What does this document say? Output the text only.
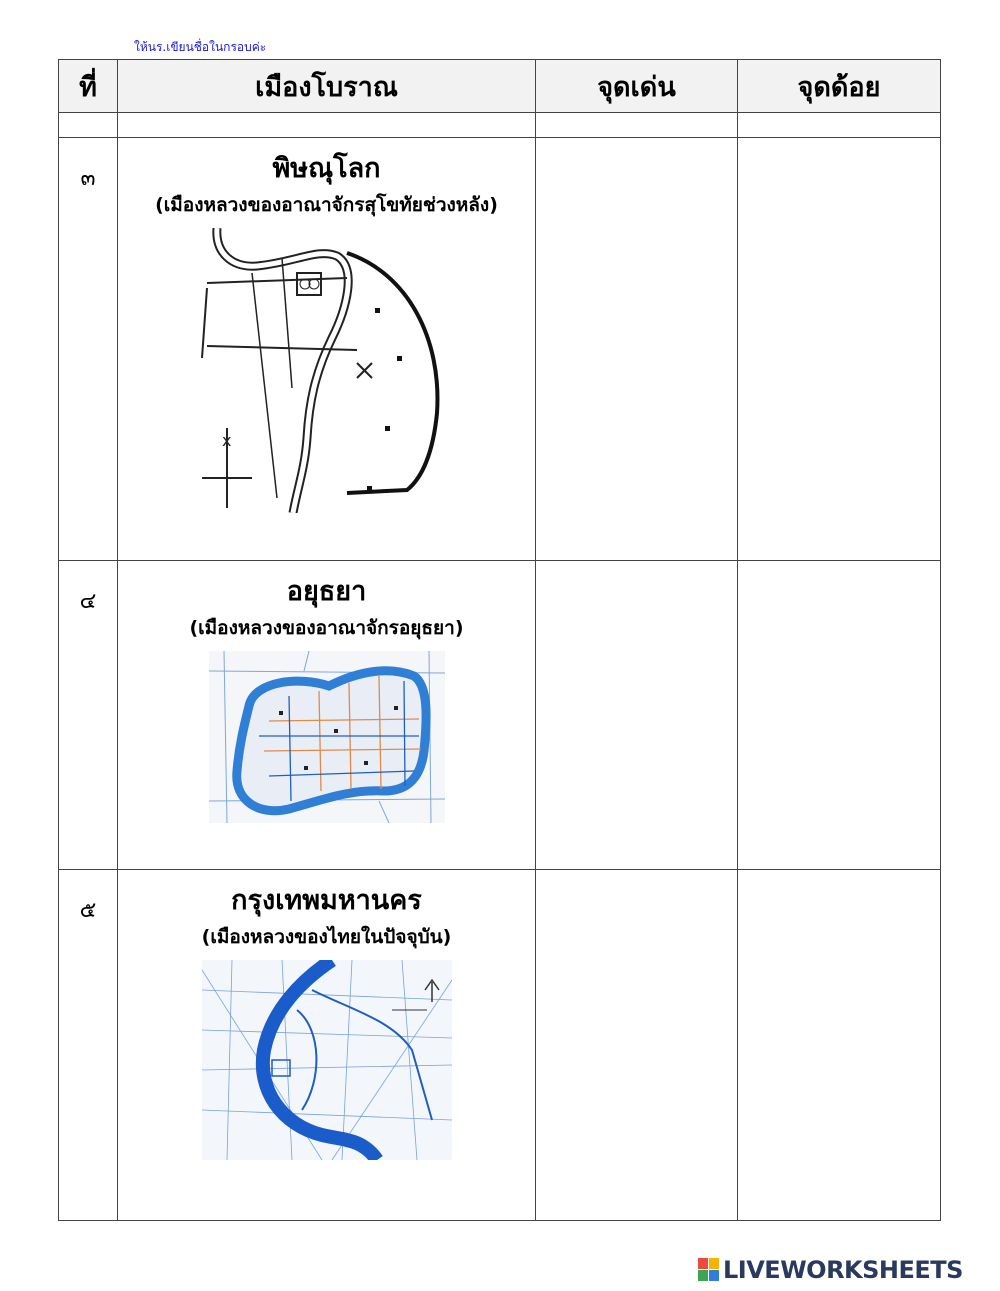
ให้นร.เขียนชื่อในกรอบค่ะ
ที่	เมืองโบราณ	จุดเด่น	จุดด้อย

๓	พิษณุโลก
(เมืองหลวงของอาณาจักรสุโขทัยช่วงหลัง)
x		

๔	อยุธยา
(เมืองหลวงของอาณาจักรอยุธยา)		

๕	กรุงเทพมหานคร
(เมืองหลวงของไทยในปัจจุบัน)		

LIVEWORKSHEETS
